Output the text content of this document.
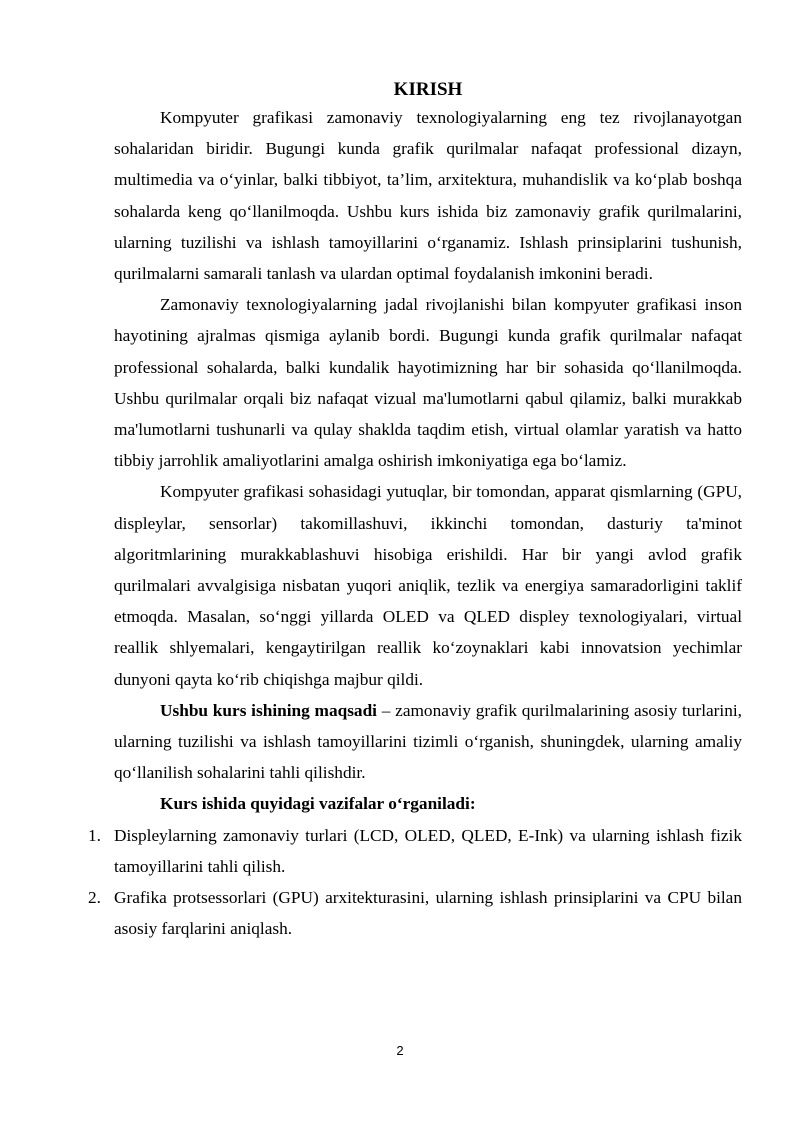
KIRISH

Kompyuter grafikasi zamonaviy texnologiyalarning eng tez rivojlanayotgan sohalaridan biridir. Bugungi kunda grafik qurilmalar nafaqat professional dizayn, multimedia va o‘yinlar, balki tibbiyot, ta’lim, arxitektura, muhandislik va ko‘plab boshqa sohalarda keng qo‘llanilmoqda. Ushbu kurs ishida biz zamonaviy grafik qurilmalarini, ularning tuzilishi va ishlash tamoyillarini o‘rganamiz. Ishlash prinsiplarini tushunish, qurilmalarni samarali tanlash va ulardan optimal foydalanish imkonini beradi.

Zamonaviy texnologiyalarning jadal rivojlanishi bilan kompyuter grafikasi inson hayotining ajralmas qismiga aylanib bordi. Bugungi kunda grafik qurilmalar nafaqat professional sohalarda, balki kundalik hayotimizning har bir sohasida qo‘llanilmoqda. Ushbu qurilmalar orqali biz nafaqat vizual ma'lumotlarni qabul qilamiz, balki murakkab ma'lumotlarni tushunarli va qulay shaklda taqdim etish, virtual olamlar yaratish va hatto tibbiy jarrohlik amaliyotlarini amalga oshirish imkoniyatiga ega bo‘lamiz.

Kompyuter grafikasi sohasidagi yutuqlar, bir tomondan, apparat qismlarning (GPU, displeylar, sensorlar) takomillashuvi, ikkinchi tomondan, dasturiy ta'minot algoritmlarining murakkablashuvi hisobiga erishildi. Har bir yangi avlod grafik qurilmalari avvalgisiga nisbatan yuqori aniqlik, tezlik va energiya samaradorligini taklif etmoqda. Masalan, so‘nggi yillarda OLED va QLED displey texnologiyalari, virtual reallik shlyemalari, kengaytirilgan reallik ko‘zoynaklari kabi innovatsion yechimlar dunyoni qayta ko‘rib chiqishga majbur qildi.

Ushbu kurs ishining maqsadi – zamonaviy grafik qurilmalarining asosiy turlarini, ularning tuzilishi va ishlash tamoyillarini tizimli o‘rganish, shuningdek, ularning amaliy qo‘llanilish sohalarini tahli qilishdir.

Kurs ishida quyidagi vazifalar o‘rganiladi:

1. Displeylarning zamonaviy turlari (LCD, OLED, QLED, E-Ink) va ularning ishlash fizik tamoyillarini tahli qilish.
2. Grafika protsessorlari (GPU) arxitekturasini, ularning ishlash prinsiplarini va CPU bilan asosiy farqlarini aniqlash.
2
